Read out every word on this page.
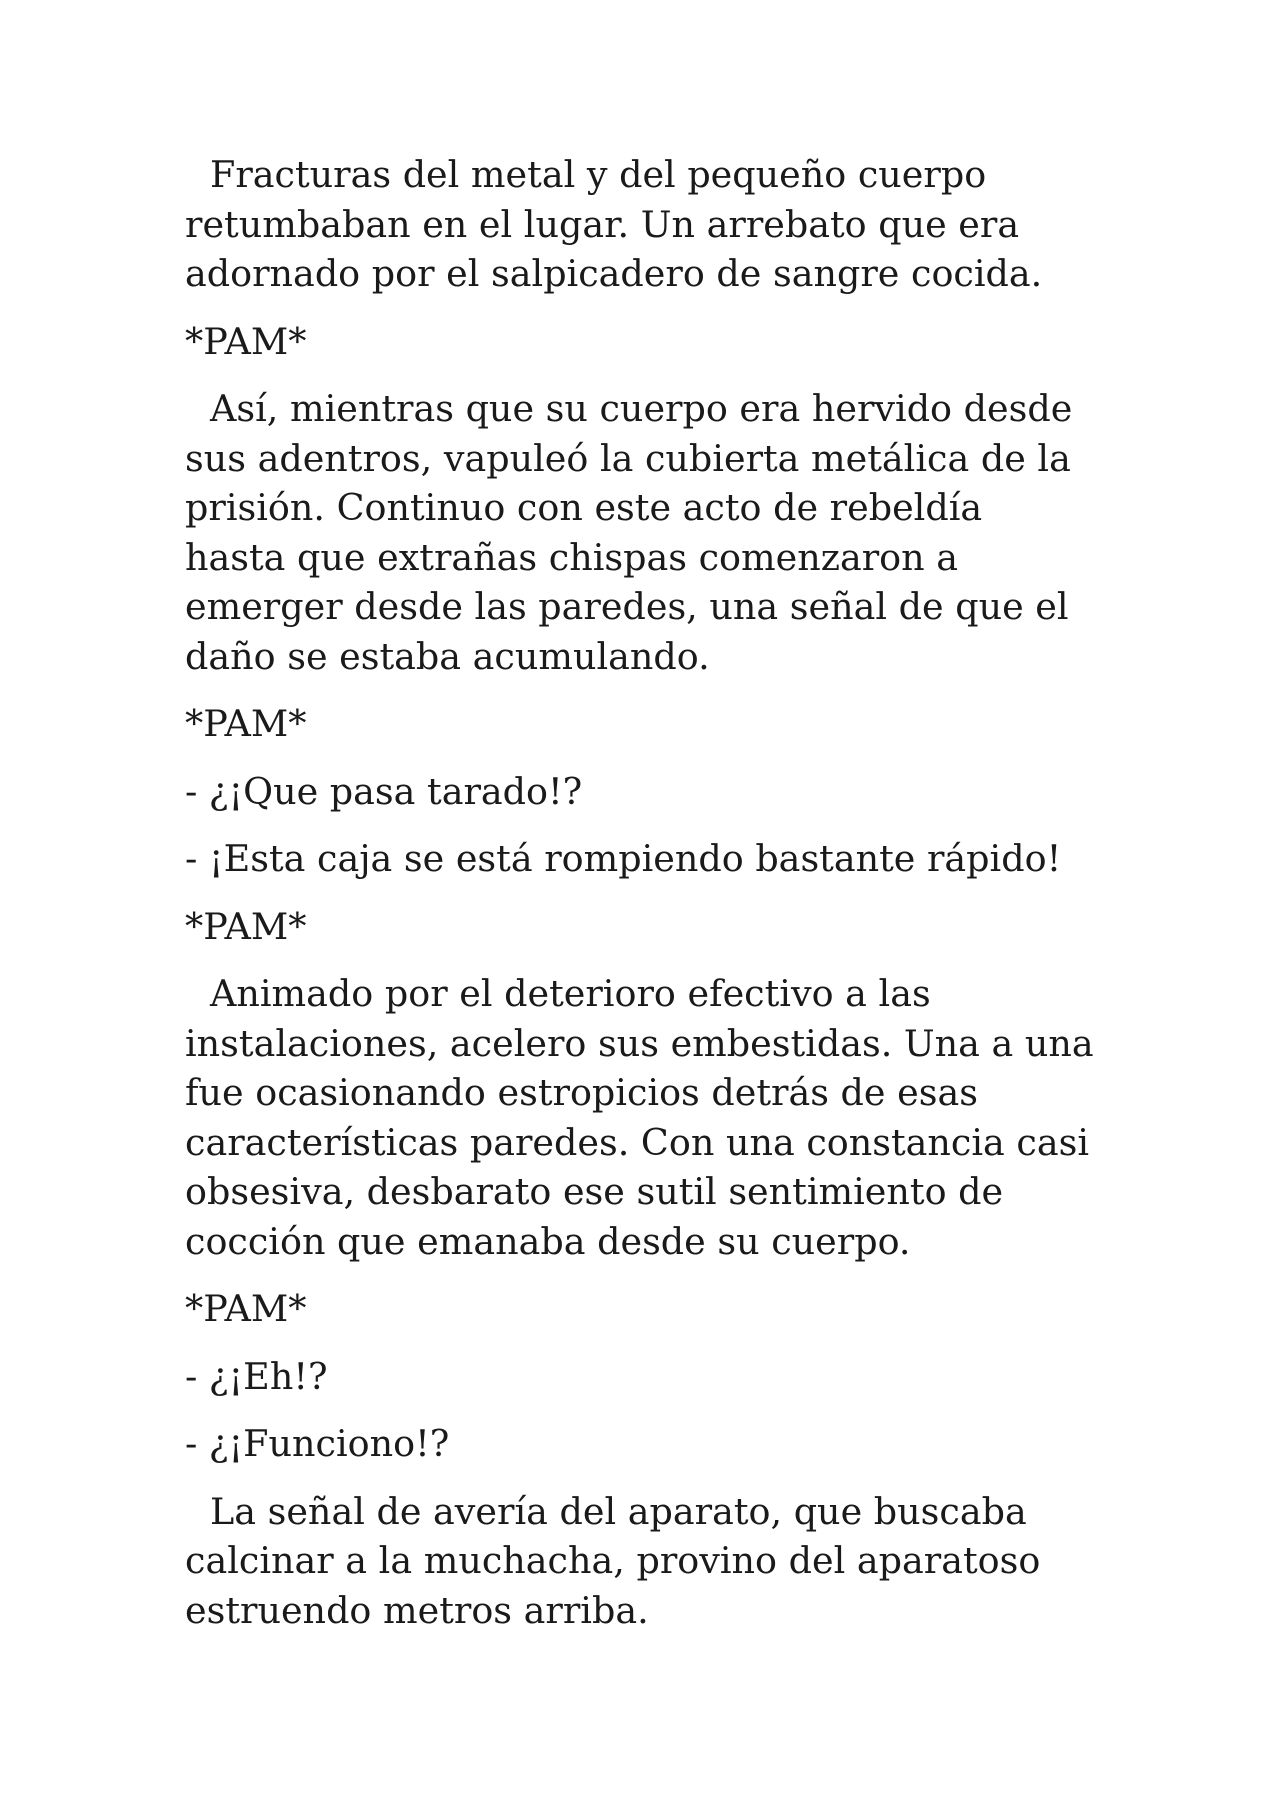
Fracturas del metal y del pequeño cuerpo
retumbaban en el lugar. Un arrebato que era
adornado por el salpicadero de sangre cocida.

*PAM*

Así, mientras que su cuerpo era hervido desde
sus adentros, vapuleó la cubierta metálica de la
prisión. Continuo con este acto de rebeldía
hasta que extrañas chispas comenzaron a
emerger desde las paredes, una señal de que el
daño se estaba acumulando.

*PAM*

- ¿¡Que pasa tarado!?

- ¡Esta caja se está rompiendo bastante rápido!

*PAM*

Animado por el deterioro efectivo a las
instalaciones, acelero sus embestidas. Una a una
fue ocasionando estropicios detrás de esas
características paredes. Con una constancia casi
obsesiva, desbarato ese sutil sentimiento de
cocción que emanaba desde su cuerpo.

*PAM*

- ¿¡Eh!?

- ¿¡Funciono!?

La señal de avería del aparato, que buscaba
calcinar a la muchacha, provino del aparatoso
estruendo metros arriba.
